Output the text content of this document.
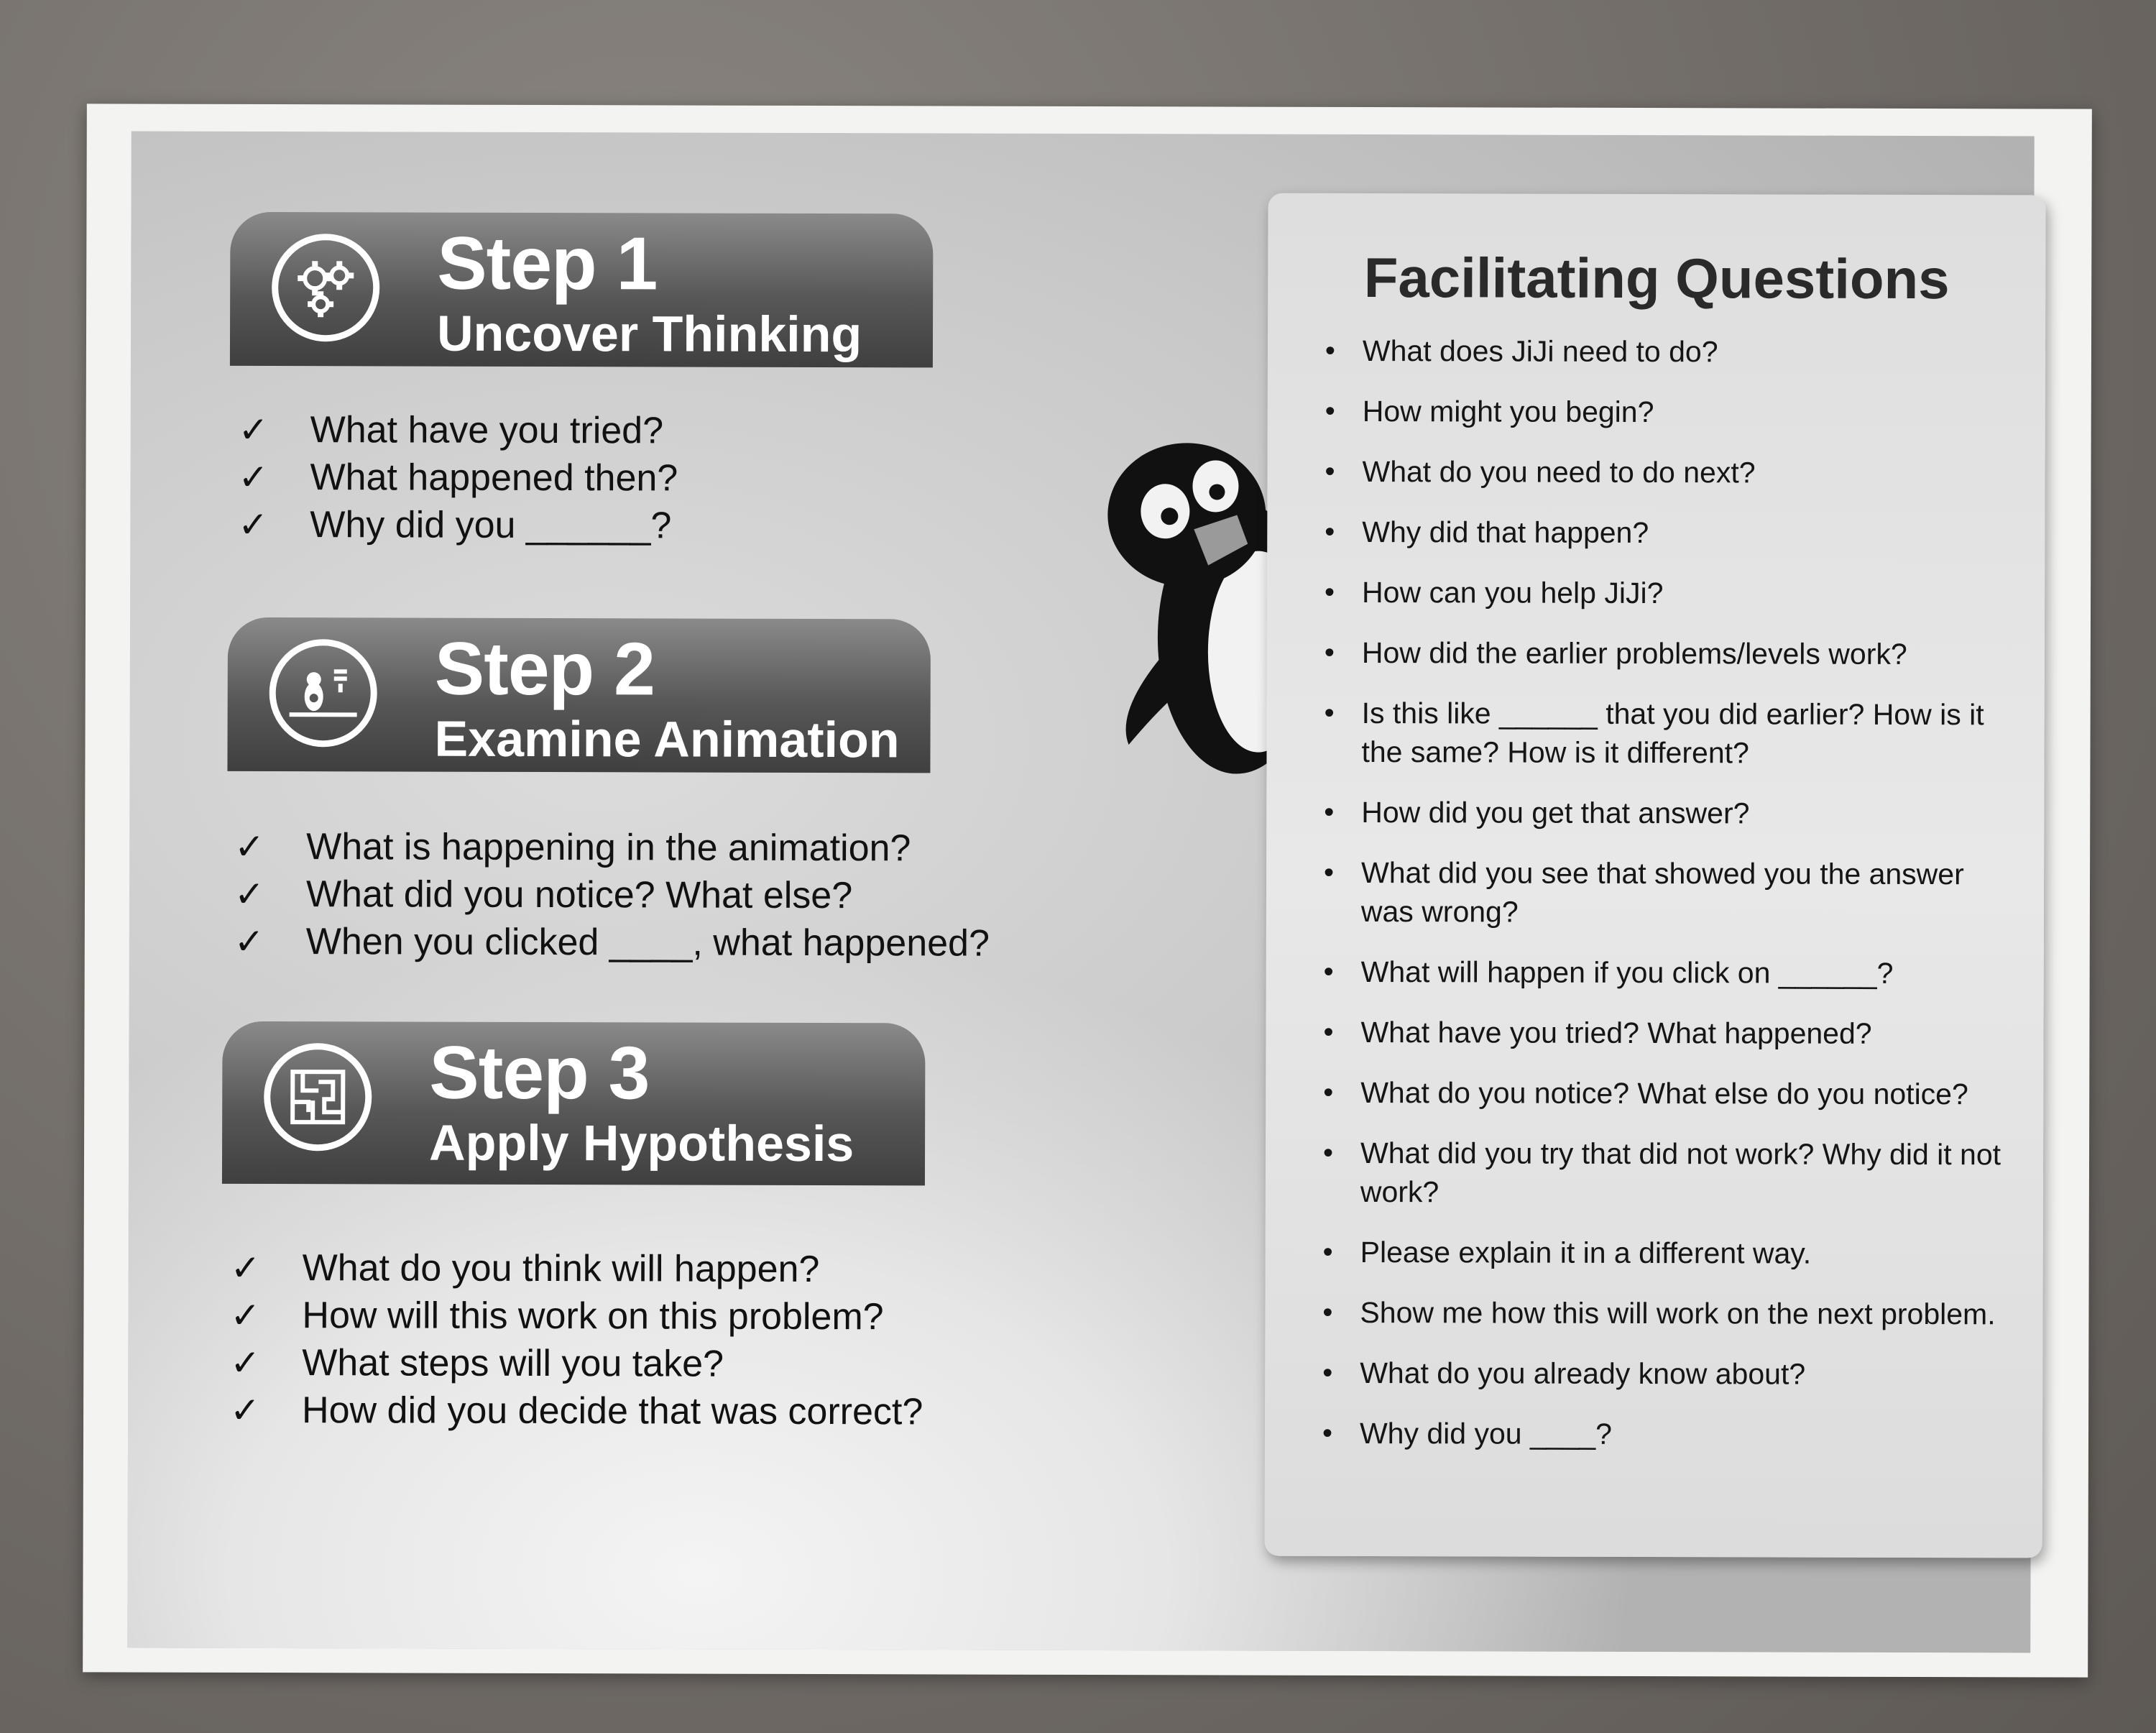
Step 1
Uncover Thinking
✓	What have you tried?
✓	What happened then?
✓	Why did you ______?
Step 2
Examine Animation
✓	What is happening in the animation?
✓	What did you notice? What else?
✓	When you clicked ____, what happened?
Step 3
Apply Hypothesis
✓	What do you think will happen?
✓	How will this work on this problem?
✓	What steps will you take?
✓	How did you decide that was correct?
Facilitating Questions
• What does JiJi need to do?
• How might you begin?
• What do you need to do next?
• Why did that happen?
• How can you help JiJi?
• How did the earlier problems/levels work?
• Is this like ______ that you did earlier? How is it the same? How is it different?
• How did you get that answer?
• What did you see that showed you the answer was wrong?
• What will happen if you click on ______?
• What have you tried? What happened?
• What do you notice? What else do you notice?
• What did you try that did not work? Why did it not work?
• Please explain it in a different way.
• Show me how this will work on the next problem.
• What do you already know about?
• Why did you ____?
